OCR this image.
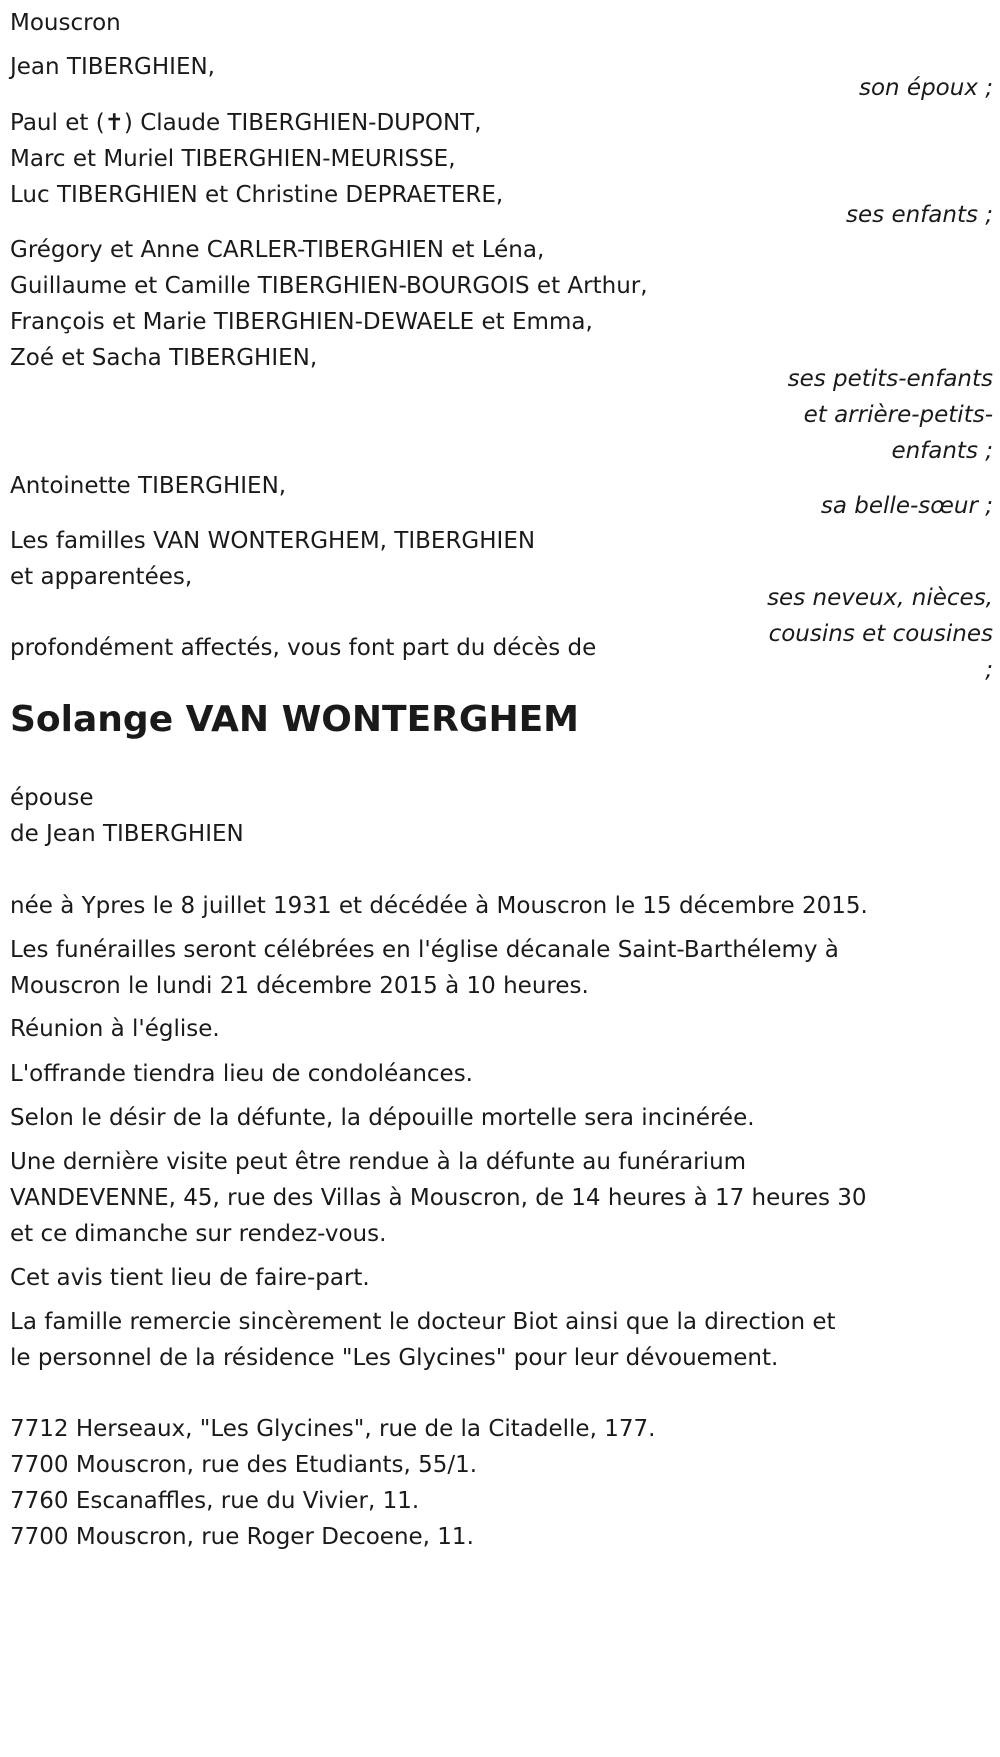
Mouscron
Jean TIBERGHIEN,
son époux ;
Paul et (✝) Claude TIBERGHIEN-DUPONT,
Marc et Muriel TIBERGHIEN-MEURISSE,
Luc TIBERGHIEN et Christine DEPRAETERE,
ses enfants ;
Grégory et Anne CARLER-TIBERGHIEN et Léna,
Guillaume et Camille TIBERGHIEN-BOURGOIS et Arthur,
François et Marie TIBERGHIEN-DEWAELE et Emma,
Zoé et Sacha TIBERGHIEN,
ses petits-enfants
et arrière-petits-
enfants ;
Antoinette TIBERGHIEN,
sa belle-sœur ;
Les familles VAN WONTERGHEM, TIBERGHIEN
et apparentées,
ses neveux, nièces,
cousins et cousines
;
profondément affectés, vous font part du décès de
Solange VAN WONTERGHEM
épouse
de Jean TIBERGHIEN
née à Ypres le 8 juillet 1931 et décédée à Mouscron le 15 décembre 2015.
Les funérailles seront célébrées en l'église décanale Saint-Barthélemy à
Mouscron le lundi 21 décembre 2015 à 10 heures.
Réunion à l'église.
L'offrande tiendra lieu de condoléances.
Selon le désir de la défunte, la dépouille mortelle sera incinérée.
Une dernière visite peut être rendue à la défunte au funérarium
VANDEVENNE, 45, rue des Villas à Mouscron, de 14 heures à 17 heures 30
et ce dimanche sur rendez-vous.
Cet avis tient lieu de faire-part.
La famille remercie sincèrement le docteur Biot ainsi que la direction et
le personnel de la résidence "Les Glycines" pour leur dévouement.
7712 Herseaux, "Les Glycines", rue de la Citadelle, 177.
7700 Mouscron, rue des Etudiants, 55/1.
7760 Escanaffles, rue du Vivier, 11.
7700 Mouscron, rue Roger Decoene, 11.
